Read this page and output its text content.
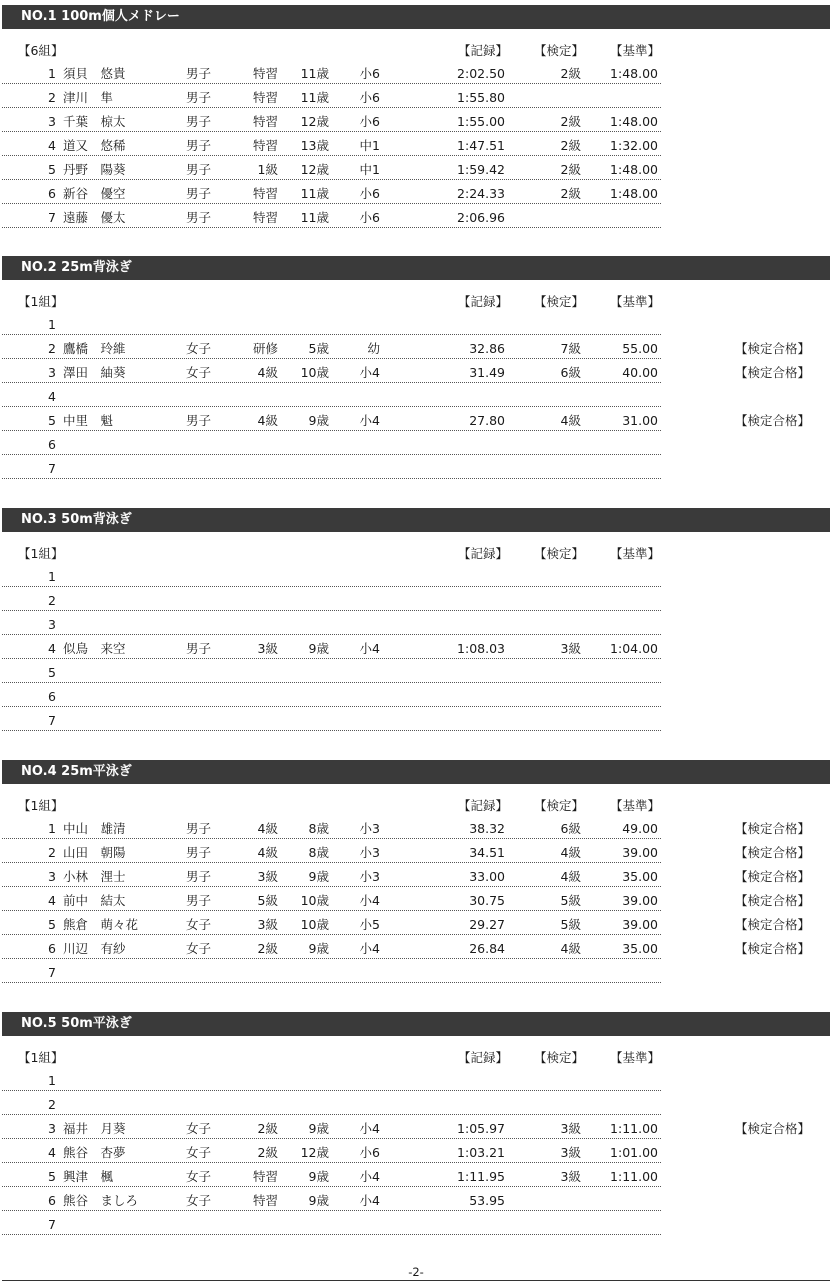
NO.1 100m個人メドレー
【6組】	【記録】 【検定】 【基準】
1 須貝　悠貴	男子	特習	11歳	小6	2:02.50	2級	1:48.00
2 津川　隼	男子	特習	11歳	小6	1:55.80
3 千葉　椋太	男子	特習	12歳	小6	1:55.00	2級	1:48.00
4 道又　悠稀	男子	特習	13歳	中1	1:47.51	2級	1:32.00
5 丹野　陽葵	男子	1級	12歳	中1	1:59.42	2級	1:48.00
6 新谷　優空	男子	特習	11歳	小6	2:24.33	2級	1:48.00
7 遠藤　優太	男子	特習	11歳	小6	2:06.96
NO.2 25m背泳ぎ
【1組】	【記録】 【検定】 【基準】
1
2 鷹橋　玲維	女子	研修	5歳	幼	32.86	7級	55.00	【検定合格】
3 澤田　紬葵	女子	4級	10歳	小4	31.49	6級	40.00	【検定合格】
4
5 中里　魁	男子	4級	9歳	小4	27.80	4級	31.00	【検定合格】
6
7
NO.3 50m背泳ぎ
【1組】	【記録】 【検定】 【基準】
1
2
3
4 似鳥　来空	男子	3級	9歳	小4	1:08.03	3級	1:04.00
5
6
7
NO.4 25m平泳ぎ
【1組】	【記録】 【検定】 【基準】
1 中山　雄清	男子	4級	8歳	小3	38.32	6級	49.00	【検定合格】
2 山田　朝陽	男子	4級	8歳	小3	34.51	4級	39.00	【検定合格】
3 小林　浬士	男子	3級	9歳	小3	33.00	4級	35.00	【検定合格】
4 前中　結太	男子	5級	10歳	小4	30.75	5級	39.00	【検定合格】
5 熊倉　萌々花	女子	3級	10歳	小5	29.27	5級	39.00	【検定合格】
6 川辺　有紗	女子	2級	9歳	小4	26.84	4級	35.00	【検定合格】
7
NO.5 50m平泳ぎ
【1組】	【記録】 【検定】 【基準】
1
2
3 福井　月葵	女子	2級	9歳	小4	1:05.97	3級	1:11.00	【検定合格】
4 熊谷　杏夢	女子	2級	12歳	小6	1:03.21	3級	1:01.00
5 興津　楓	女子	特習	9歳	小4	1:11.95	3級	1:11.00
6 熊谷　ましろ	女子	特習	9歳	小4	53.95
7
-2-
